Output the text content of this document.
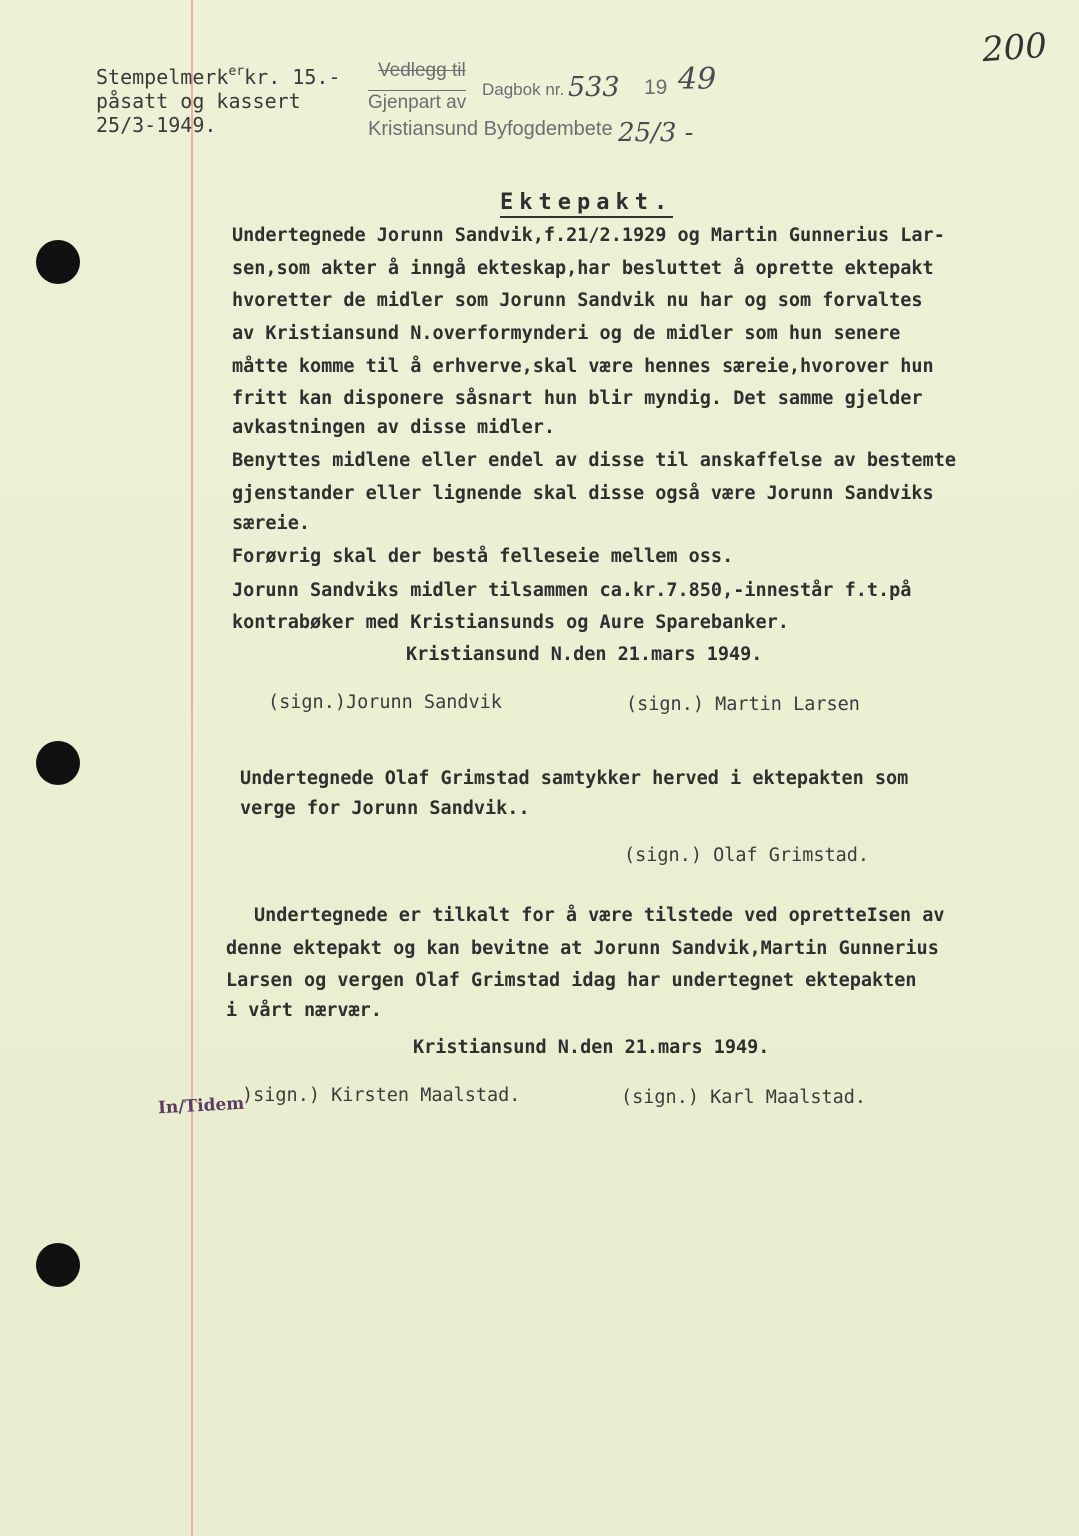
200
Stempelmerk$^{er}$kr. 15.-
påsatt og kassert
25/3-1949.
Vedlegg til
Gjenpart av
Dagbok nr. 533 19 49
Kristiansund Byfogdembete 25/3 -
Ektepakt.
Undertegnede Jorunn Sandvik,f.21/2.1929 og Martin Gunnerius Lar-
sen,som akter å inngå ekteskap,har besluttet å oprette ektepakt
hvoretter de midler som Jorunn Sandvik nu har og som forvaltes
av Kristiansund N.overformynderi og de midler som hun senere
måtte komme til å erhverve,skal være hennes særeie,hvorover hun
fritt kan disponere såsnart hun blir myndig. Det samme gjelder
avkastningen av disse midler.
Benyttes midlene eller endel av disse til anskaffelse av bestemte
gjenstander eller lignende skal disse også være Jorunn Sandviks
særeie.
Forøvrig skal der bestå felleseie mellem oss.
Jorunn Sandviks midler tilsammen ca.kr.7.850,-innestår f.t.på
kontrabøker med Kristiansunds og Aure Sparebanker.
Kristiansund N.den 21.mars 1949.
(sign.)Jorunn Sandvik	(sign.) Martin Larsen
Undertegnede Olaf Grimstad samtykker herved i ektepakten som
verge for Jorunn Sandvik..
(sign.) Olaf Grimstad.
Undertegnede er tilkalt for å være tilstede ved opretteIsen av
denne ektepakt og kan bevitne at Jorunn Sandvik,Martin Gunnerius
Larsen og vergen Olaf Grimstad idag har undertegnet ektepakten
i vårt nærvær.
Kristiansund N.den 21.mars 1949.
)sign.) Kirsten Maalstad.	(sign.) Karl Maalstad.
In/Tidem
